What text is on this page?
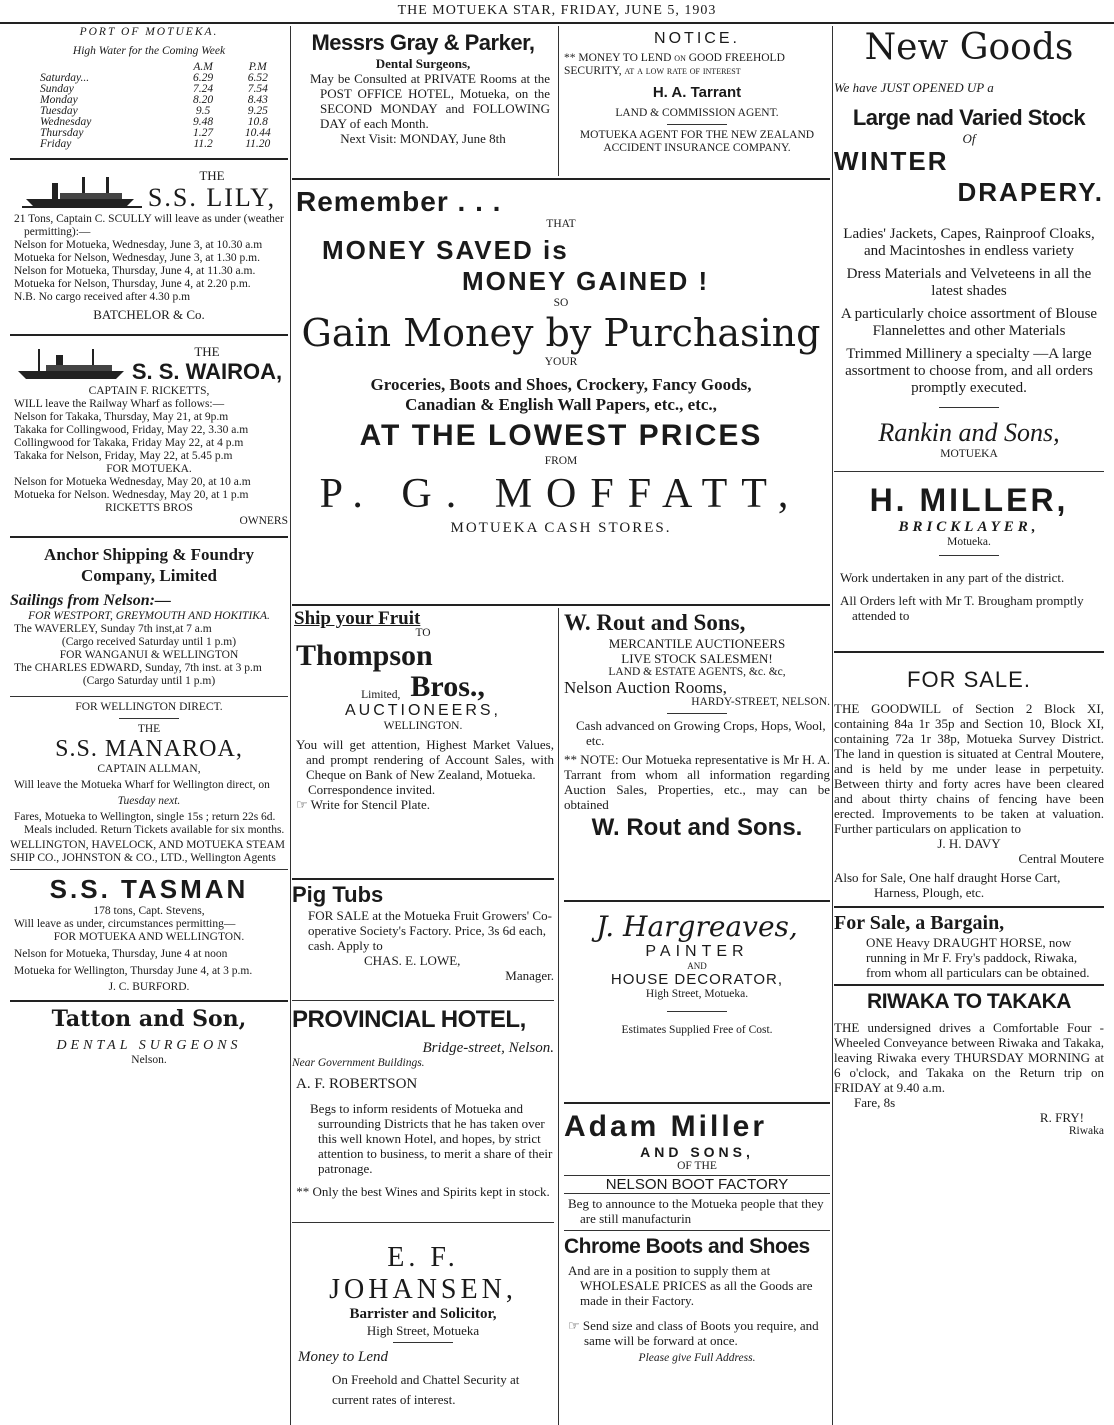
THE MOTUEKA STAR, FRIDAY, JUNE 5, 1903

PORT OF MOTUEKA.

High Water for the Coming Week

	A.M	P.M
Saturday...	6.29	6.52
Sunday	7.24	7.54
Monday	8.20	8.43
Tuesday	9.5	9.25
Wednesday	9.48	10.8
Thursday	1.27	10.44
Friday	11.2	11.20

THE

S.S. LILY,

21 Tons, Captain C. SCULLY will leave as under (weather permitting):—

Nelson for Motueka, Wednesday, June 3, at 10.30 a.m

Motueka for Nelson, Wednesday, June 3, at 1.30 p.m.

Nelson for Motueka, Thursday, June 4, at 11.30 a.m.

Motueka for Nelson, Thursday, June 4, at 2.20 p.m.

N.B. No cargo received after 4.30 p.m

BATCHELOR & Co.

THE

S. S. WAIROA,

CAPTAIN F. RICKETTS,

WILL leave the Railway Wharf as follows:—

Nelson for Takaka, Thursday, May 21, at 9p.m

Takaka for Collingwood, Friday, May 22, 3.30 a.m

Collingwood for Takaka, Friday May 22, at 4 p.m

Takaka for Nelson, Friday, May 22, at 5.45 p.m

FOR MOTUEKA.

Nelson for Motueka Wednesday, May 20, at 10 a.m

Motueka for Nelson. Wednesday, May 20, at 1 p.m

RICKETTS BROS

OWNERS

Anchor Shipping & Foundry Company, Limited

Sailings from Nelson:—

FOR WESTPORT, GREYMOUTH AND HOKITIKA.

The WAVERLEY, Sunday 7th inst,at 7 a.m

(Cargo received Saturday until 1 p.m)

FOR WANGANUI & WELLINGTON

The CHARLES EDWARD, Sunday, 7th inst. at 3 p.m

(Cargo Saturday until 1 p.m)

FOR WELLINGTON DIRECT.

THE

S.S. MANAROA,

CAPTAIN ALLMAN,

Will leave the Motueka Wharf for Wellington direct, on

Tuesday next.

Fares, Motueka to Wellington, single 15s ; return 22s 6d. Meals included. Return Tickets available for six months.

WELLINGTON, HAVELOCK, AND MOTUEKA STEAM SHIP CO., JOHNSTON & CO., LTD., Wellington Agents

S.S. TASMAN

178 tons, Capt. Stevens,

Will leave as under, circumstances permitting—

FOR MOTUEKA AND WELLINGTON.

Nelson for Motueka, Thursday, June 4 at noon

Motueka for Wellington, Thursday June 4, at 3 p.m.

J. C. BURFORD.

Tatton and Son,

DENTAL SURGEONS

Nelson.

Messrs Gray & Parker,

Dental Surgeons,

May be Consulted at PRIVATE Rooms at the POST OFFICE HOTEL, Motueka, on the SECOND MONDAY and FOLLOWING DAY of each Month.

Next Visit: MONDAY, June 8th

NOTICE.

** MONEY TO LEND on GOOD FREEHOLD SECURITY, at a low rate of interest

H. A. Tarrant

LAND & COMMISSION AGENT.

MOTUEKA AGENT FOR THE NEW ZEALAND ACCIDENT INSURANCE COMPANY.

Remember . . .

THAT

MONEY SAVED is

MONEY GAINED !

SO

Gain Money by Purchasing

YOUR

Groceries, Boots and Shoes, Crockery, Fancy Goods,

Canadian & English Wall Papers, etc., etc.,

AT THE LOWEST PRICES

FROM

P. G. MOFFATT,

MOTUEKA CASH STORES.

Ship your Fruit

TO

Thompson

Limited, Bros.,

AUCTIONEERS,

WELLINGTON.

You will get attention, Highest Market Values, and prompt rendering of Account Sales, with Cheque on Bank of New Zealand, Motueka.

Correspondence invited.

☞ Write for Stencil Plate.

Pig Tubs

FOR SALE at the Motueka Fruit Growers' Co-operative Society's Factory. Price, 3s 6d each, cash. Apply to

CHAS. E. LOWE,

Manager.

PROVINCIAL HOTEL,

Bridge-street, Nelson.

Near Government Buildings.

A. F. ROBERTSON

Begs to inform residents of Motueka and surrounding Districts that he has taken over this well known Hotel, and hopes, by strict attention to business, to merit a share of their patronage.

** Only the best Wines and Spirits kept in stock.

E. F. JOHANSEN,

Barrister and Solicitor,

High Street, Motueka

Money to Lend

On Freehold and Chattel Security at current rates of interest.

W. Rout and Sons,

MERCANTILE AUCTIONEERS

LIVE STOCK SALESMEN!

LAND & ESTATE AGENTS, &c. &c,

Nelson Auction Rooms,

HARDY-STREET, NELSON.

Cash advanced on Growing Crops, Hops, Wool, etc.

** NOTE: Our Motueka representative is Mr H. A. Tarrant from whom all information regarding Auction Sales, Properties, etc., may can be obtained

W. Rout and Sons.

J. Hargreaves,

PAINTER

AND

HOUSE DECORATOR,

High Street, Motueka.

Estimates Supplied Free of Cost.

Adam Miller

AND SONS,

OF THE

NELSON BOOT FACTORY

Beg to announce to the Motueka people that they are still manufacturin

Chrome Boots and Shoes

And are in a position to supply them at WHOLESALE PRICES as all the Goods are made in their Factory.

☞ Send size and class of Boots you require, and same will be forward at once.

Please give Full Address.

New Goods

We have JUST OPENED UP a

Large nad Varied Stock

Of

WINTER

DRAPERY.

Ladies' Jackets, Capes, Rainproof Cloaks, and Macintoshes in endless variety

Dress Materials and Velveteens in all the latest shades

A particularly choice assortment of Blouse Flannelettes and other Materials

Trimmed Millinery a specialty —A large assortment to choose from, and all orders promptly executed.

Rankin and Sons,

MOTUEKA

H. MILLER,

BRICKLAYER,

Motueka.

Work undertaken in any part of the district.

All Orders left with Mr T. Brougham promptly attended to

FOR SALE.

THE GOODWILL of Section 2 Block XI, containing 84a 1r 35p and Section 10, Block XI, containing 72a 1r 38p, Motueka Survey District. The land in question is situated at Central Moutere, and is held by me under lease in perpetuity. Between thirty and forty acres have been cleared and about thirty chains of fencing have been erected. Improvements to be taken at valuation. Further particulars on application to

J. H. DAVY

Central Moutere

Also for Sale, One half draught Horse Cart, Harness, Plough, etc.

For Sale, a Bargain,

ONE Heavy DRAUGHT HORSE, now running in Mr F. Fry's paddock, Riwaka, from whom all particulars can be obtained.

RIWAKA TO TAKAKA

THE undersigned drives a Comfortable Four - Wheeled Conveyance between Riwaka and Takaka, leaving Riwaka every THURSDAY MORNING at 6 o'clock, and Takaka on the Return trip on FRIDAY at 9.40 a.m.

Fare, 8s

R. FRY!

Riwaka
